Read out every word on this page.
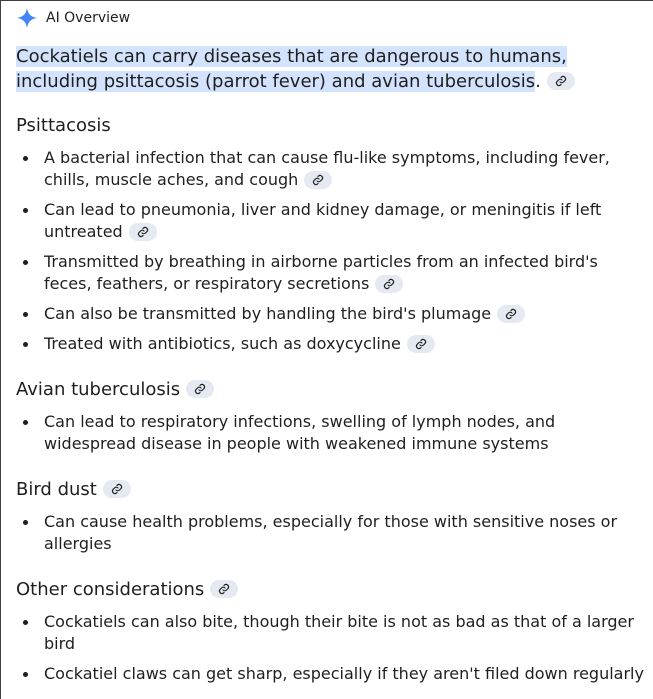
AI Overview
Cockatiels can carry diseases that are dangerous to humans, including psittacosis (parrot fever) and avian tuberculosis.
Psittacosis
A bacterial infection that can cause flu-like symptoms, including fever, chills, muscle aches, and cough
Can lead to pneumonia, liver and kidney damage, or meningitis if left untreated
Transmitted by breathing in airborne particles from an infected bird's feces, feathers, or respiratory secretions
Can also be transmitted by handling the bird's plumage
Treated with antibiotics, such as doxycycline
Avian tuberculosis
Can lead to respiratory infections, swelling of lymph nodes, and widespread disease in people with weakened immune systems
Bird dust
Can cause health problems, especially for those with sensitive noses or allergies
Other considerations
Cockatiels can also bite, though their bite is not as bad as that of a larger bird
Cockatiel claws can get sharp, especially if they aren't filed down regularly
